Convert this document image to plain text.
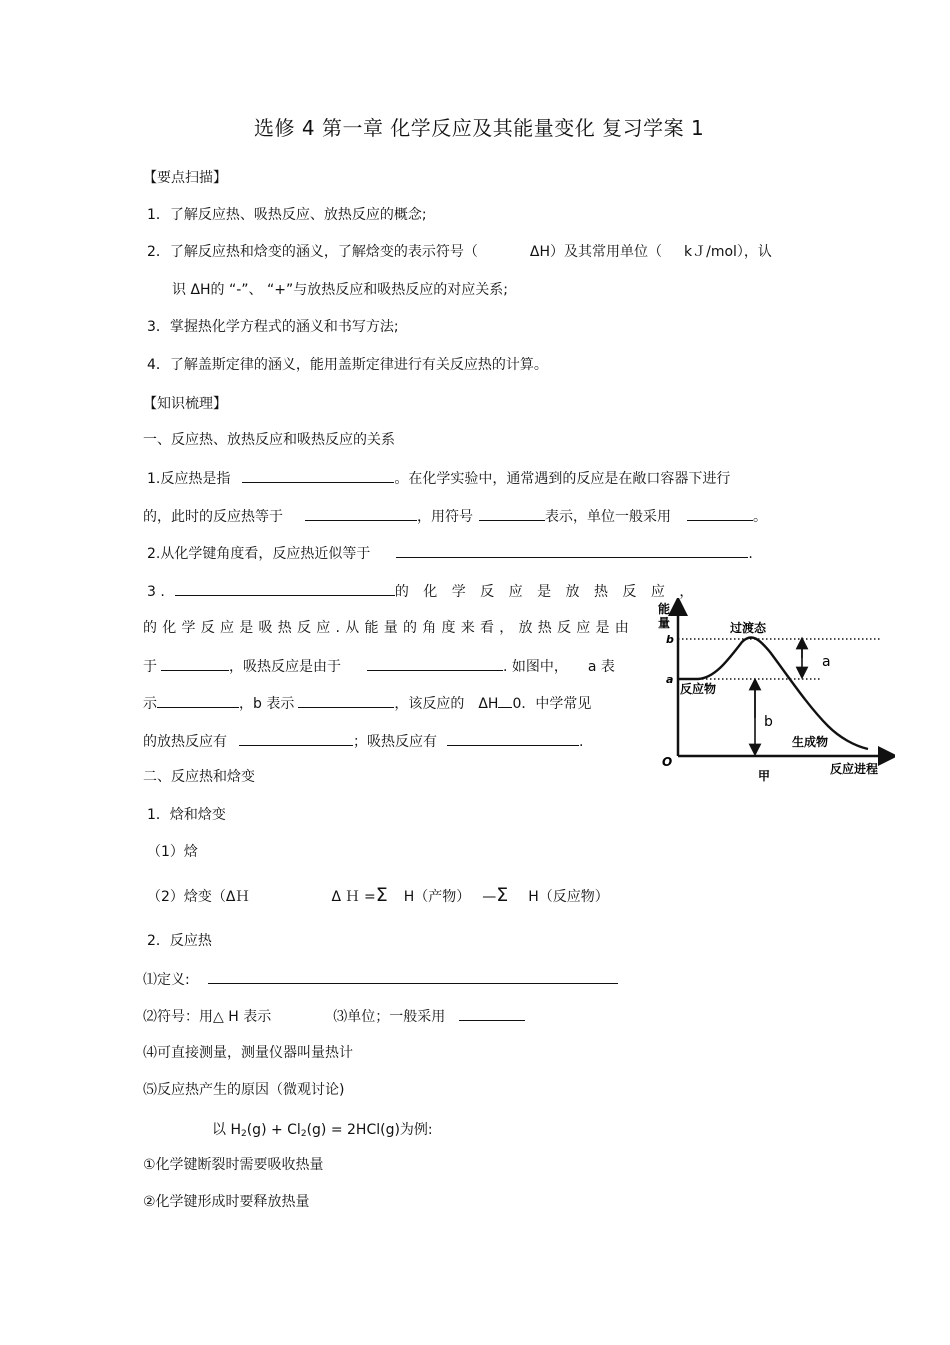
选修 4 第一章 化学反应及其能量变化 复习学案 1
【要点扫描】
1．了解反应热、吸热反应、放热反应的概念;
2．了解反应热和焓变的涵义，了解焓变的表示符号（	ΔH）及其常用单位（ kＪ/mol），认
识 ΔH的 “-”、 “+”与放热反应和吸热反应的对应关系;
3．掌握热化学方程式的涵义和书写方法;
4．了解盖斯定律的涵义，能用盖斯定律进行有关反应热的计算。
【知识梳理】
一、反应热、放热反应和吸热反应的关系
1.反应热是指	。在化学实验中，通常遇到的反应是在敞口容器下进行
的，此时的反应热等于	，用符号	表示，单位一般采用	。
2.从化学键角度看，反应热近似等于	.
3 .	的 化 学 反 应 是 放 热 反 应 ，
的 化 学 反 应 是 吸 热 反 应 . 从 能 量 的 角 度 来 看 ， 放 热 反 应 是 由
于	，吸热反应是由于	. 如图中， a 表
示	，b 表示	，该反应的 ΔH 0．中学常见
的放热反应有	；吸热反应有	.
二、反应热和焓变
1．焓和焓变
（1）焓
（2）焓变（ΔＨ	Δ Ｈ =Σ H（产物） —Σ H（反应物）
2．反应热
⑴定义:
⑵符号：用△ H 表示	⑶单位；一般采用
⑷可直接测量，测量仪器叫量热计
⑸反应热产生的原因（微观讨论)
以 $H_2(g) + Cl_2(g) = 2HCl(g)$为例:
①化学键断裂时需要吸收热量
②化学键形成时要释放热量
能
量
b
a
O
过渡态
反应物
生成物
a
b
反应进程
甲
